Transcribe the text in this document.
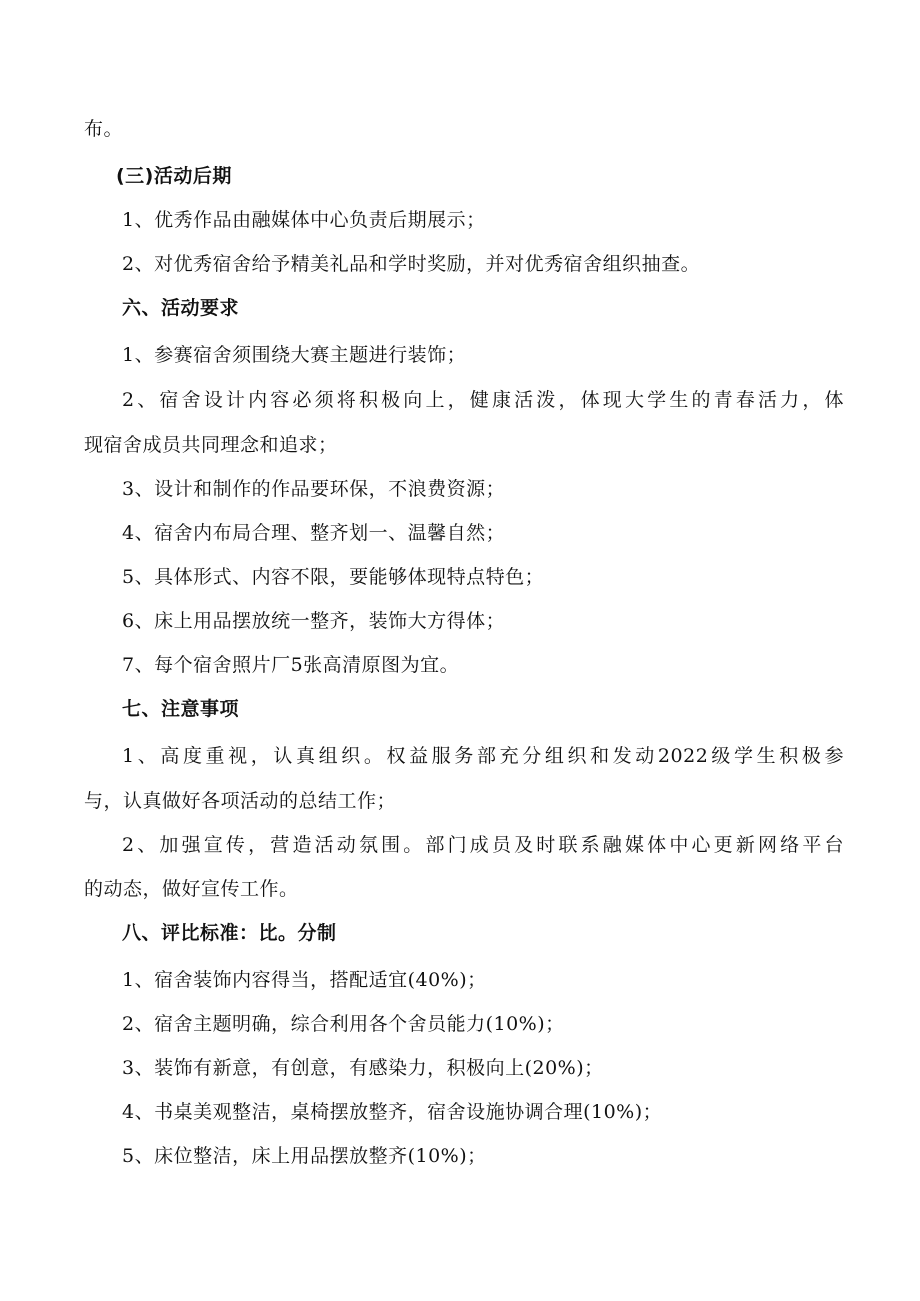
布。
(三)活动后期
1、优秀作品由融媒体中心负责后期展示；
2、对优秀宿舍给予精美礼品和学时奖励，并对优秀宿舍组织抽查。
六、活动要求
1、参赛宿舍须围绕大赛主题进行装饰；
2、宿舍设计内容必须将积极向上，健康活泼，体现大学生的青春活力，体
现宿舍成员共同理念和追求；
3、设计和制作的作品要环保，不浪费资源；
4、宿舍内布局合理、整齐划一、温馨自然；
5、具体形式、内容不限，要能够体现特点特色；
6、床上用品摆放统一整齐，装饰大方得体；
7、每个宿舍照片厂5张高清原图为宜。
七、注意事项
1、高度重视，认真组织。权益服务部充分组织和发动2022级学生积极参
与，认真做好各项活动的总结工作；
2、加强宣传，营造活动氛围。部门成员及时联系融媒体中心更新网络平台
的动态，做好宣传工作。
八、评比标准：比。分制
1、宿舍装饰内容得当，搭配适宜(40%)；
2、宿舍主题明确，综合利用各个舍员能力(10%)；
3、装饰有新意，有创意，有感染力，积极向上(20%)；
4、书桌美观整洁，桌椅摆放整齐，宿舍设施协调合理(10%)；
5、床位整洁，床上用品摆放整齐(10%)；
